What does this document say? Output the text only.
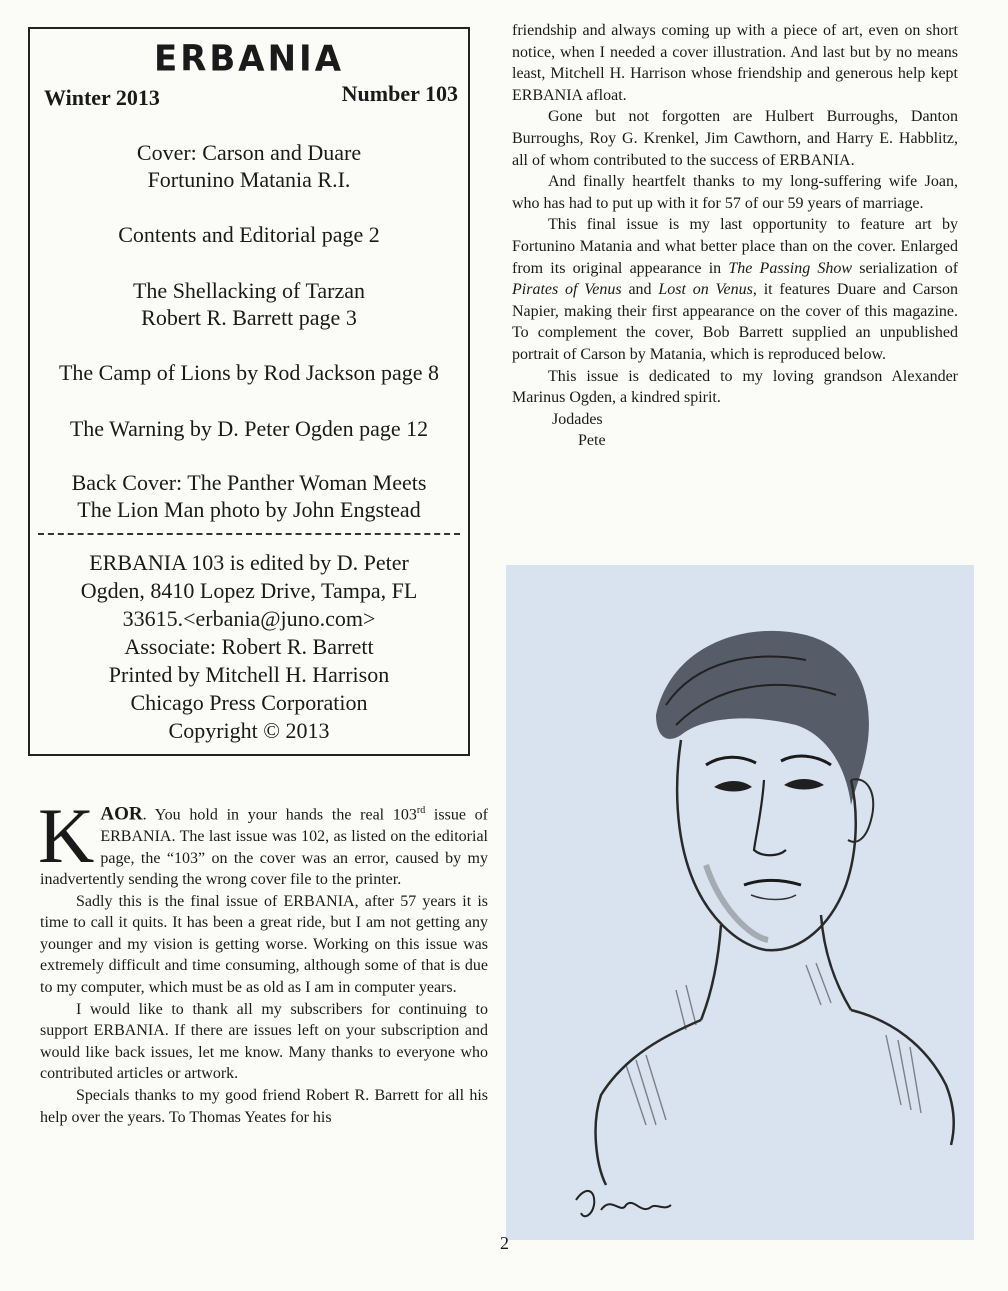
ERBANIA
Winter 2013	Number 103
Cover: Carson and Duare
Fortunino Matania R.I.
Contents and Editorial page 2
The Shellacking of Tarzan
Robert R. Barrett page 3
The Camp of Lions by Rod Jackson page 8
The Warning by D. Peter Ogden page 12
Back Cover: The Panther Woman Meets
The Lion Man photo by John Engstead
ERBANIA 103 is edited by D. Peter
Ogden, 8410 Lopez Drive, Tampa, FL
33615.<erbania@juno.com>
Associate: Robert R. Barrett
Printed by Mitchell H. Harrison
Chicago Press Corporation
Copyright © 2013

KAOR. You hold in your hands the real 103rd issue of ERBANIA. The last issue was 102, as listed on the editorial page, the “103” on the cover was an error, caused by my inadvertently sending the wrong cover file to the printer.

Sadly this is the final issue of ERBANIA, after 57 years it is time to call it quits. It has been a great ride, but I am not getting any younger and my vision is getting worse. Working on this issue was extremely difficult and time consuming, although some of that is due to my computer, which must be as old as I am in computer years.

I would like to thank all my subscribers for continuing to support ERBANIA. If there are issues left on your subscription and would like back issues, let me know. Many thanks to everyone who contributed articles or artwork.

Specials thanks to my good friend Robert R. Barrett for all his help over the years. To Thomas Yeates for his

friendship and always coming up with a piece of art, even on short notice, when I needed a cover illustration. And last but by no means least, Mitchell H. Harrison whose friendship and generous help kept ERBANIA afloat.

Gone but not forgotten are Hulbert Burroughs, Danton Burroughs, Roy G. Krenkel, Jim Cawthorn, and Harry E. Habblitz, all of whom contributed to the success of ERBANIA.

And finally heartfelt thanks to my long-suffering wife Joan, who has had to put up with it for 57 of our 59 years of marriage.

This final issue is my last opportunity to feature art by Fortunino Matania and what better place than on the cover. Enlarged from its original appearance in The Passing Show serialization of Pirates of Venus and Lost on Venus, it features Duare and Carson Napier, making their first appearance on the cover of this magazine. To complement the cover, Bob Barrett supplied an unpublished portrait of Carson by Matania, which is reproduced below.

This issue is dedicated to my loving grandson Alexander Marinus Ogden, a kindred spirit.

Jodades

Pete

2
